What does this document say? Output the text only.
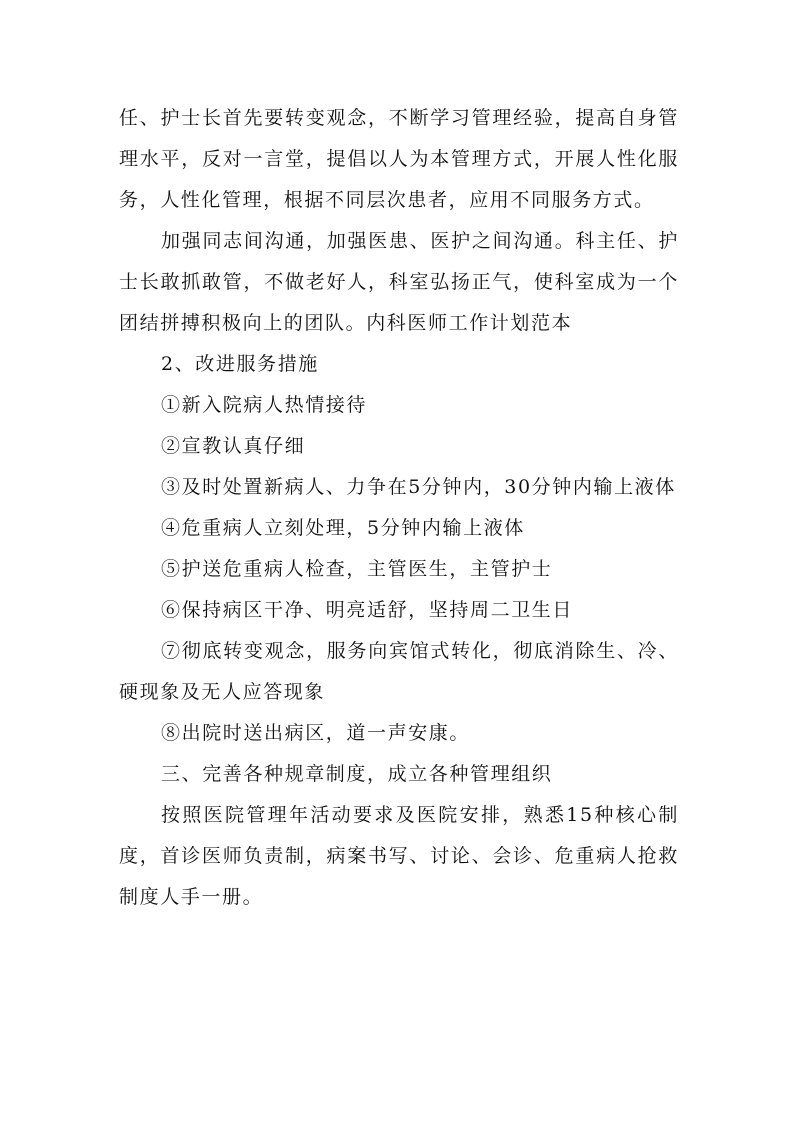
任、护士长首先要转变观念，不断学习管理经验，提高自身管理水平，反对一言堂，提倡以人为本管理方式，开展人性化服务，人性化管理，根据不同层次患者，应用不同服务方式。

加强同志间沟通，加强医患、医护之间沟通。科主任、护士长敢抓敢管，不做老好人，科室弘扬正气，使科室成为一个团结拼搏积极向上的团队。内科医师工作计划范本

2、改进服务措施

①新入院病人热情接待

②宣教认真仔细

③及时处置新病人、力争在5分钟内，30分钟内输上液体

④危重病人立刻处理，5分钟内输上液体

⑤护送危重病人检查，主管医生，主管护士

⑥保持病区干净、明亮适舒，坚持周二卫生日

⑦彻底转变观念，服务向宾馆式转化，彻底消除生、冷、硬现象及无人应答现象

⑧出院时送出病区，道一声安康。

三、完善各种规章制度，成立各种管理组织

按照医院管理年活动要求及医院安排，熟悉15种核心制度，首诊医师负责制，病案书写、讨论、会诊、危重病人抢救制度人手一册。
